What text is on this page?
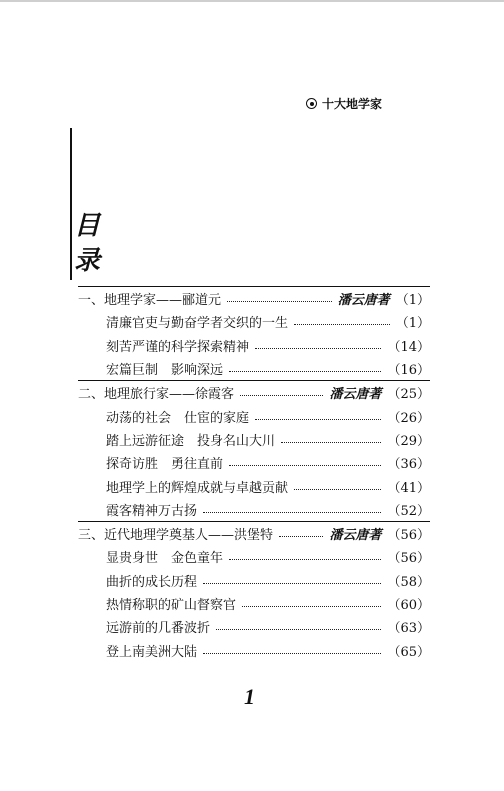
十大地学家
目
录
一、地理学家——郦道元	潘云唐著 （1）
清廉官吏与勤奋学者交织的一生	（1）
刻苦严谨的科学探索精神	（14）
宏篇巨制　影响深远	（16）
二、地理旅行家——徐霞客	潘云唐著 （25）
动荡的社会　仕宦的家庭	（26）
踏上远游征途　投身名山大川	（29）
探奇访胜　勇往直前	（36）
地理学上的辉煌成就与卓越贡献	（41）
霞客精神万古扬	（52）
三、近代地理学奠基人——洪堡特	潘云唐著 （56）
显贵身世　金色童年	（56）
曲折的成长历程	（58）
热情称职的矿山督察官	（60）
远游前的几番波折	（63）
登上南美洲大陆	（65）
1
